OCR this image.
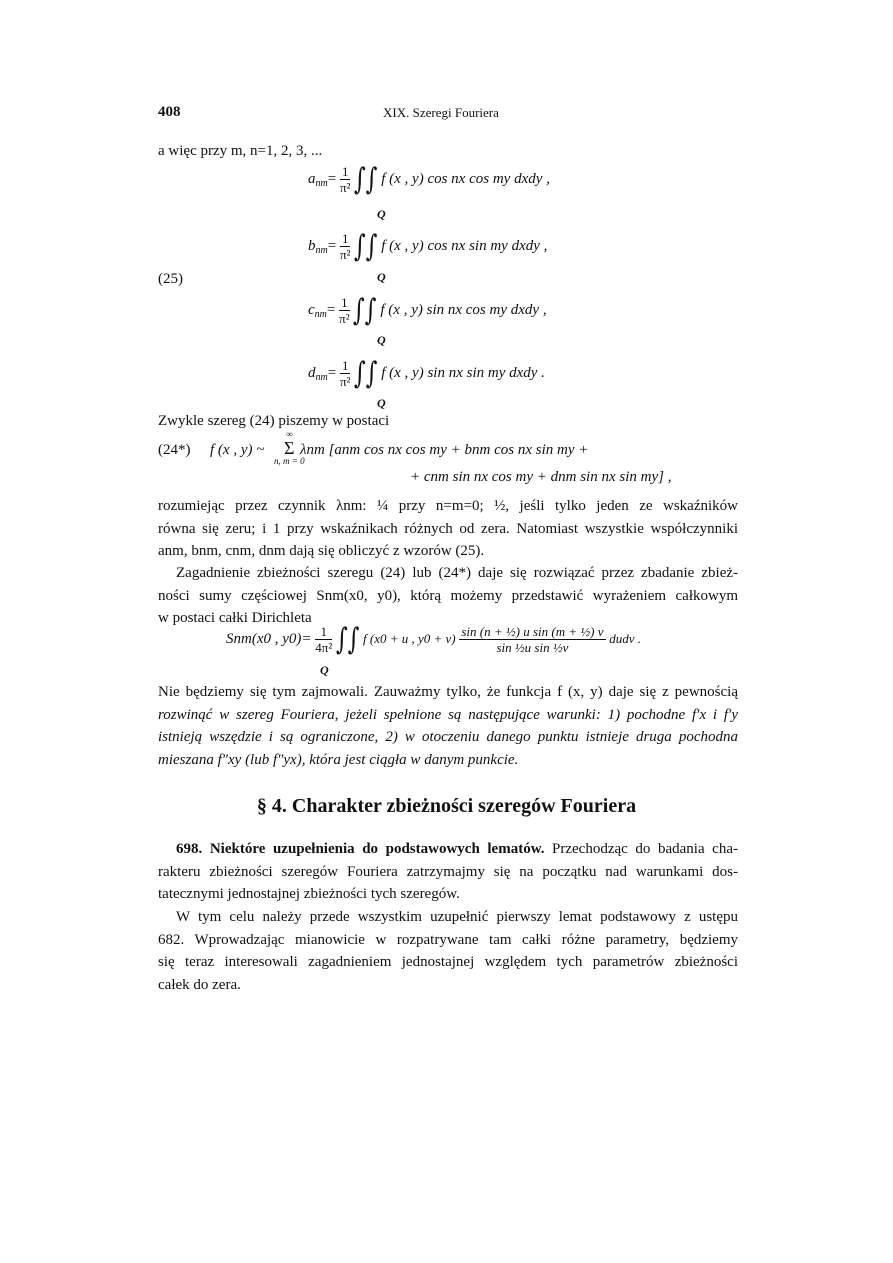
408	XIX. Szeregi Fouriera
a więc przy m, n=1, 2, 3, ...
(25)
$a_{nm}= \frac{1}{\text{π²}}$ ∫∫ f (x , y) cos nx cos my dxdy ,
Q
$b_{nm}= \frac{1}{\text{π²}}$ ∫∫ f (x , y) cos nx sin my dxdy ,
Q
$c_{nm}= \frac{1}{\text{π²}}$ ∫∫ f (x , y) sin nx cos my dxdy ,
Q
$d_{nm}= \frac{1}{\text{π²}}$ ∫∫ f (x , y) sin nx sin my dxdy .
Q
Zwykle szereg (24) piszemy w postaci
(24*) f (x , y) ~
∞
Σ
n, m = 0
λnm [anm cos nx cos my + bnm cos nx sin my +
+ cnm sin nx cos my + dnm sin nx sin my] ,
rozumiejąc przez czynnik λnm: ¼ przy n=m=0; ½, jeśli tylko jeden ze wskaźników
równa się zeru; i 1 przy wskaźnikach różnych od zera. Natomiast wszystkie współczynniki
anm, bnm, cnm, dnm dają się obliczyć z wzorów (25).
Zagadnienie zbieżności szeregu (24) lub (24*) daje się rozwiązać przez zbadanie zbież-
ności sumy częściowej Snm(x0, y0), którą możemy przedstawić wyrażeniem całkowym
w postaci całki Dirichleta
Snm(x0 , $y0)= \frac{1}{\text{4π²}}$ ∫∫ f (x0 + u , $y0 + v) \frac{\text{sin (n + ½) u sin (m + ½) v}}{\text{sin ½u sin ½v}}$ dudv .
Q
Nie będziemy się tym zajmowali. Zauważmy tylko, że funkcja f (x, y) daje się z pewnością
rozwinąć w szereg Fouriera, jeżeli spełnione są następujące warunki: 1) pochodne f′x i f′y
istnieją wszędzie i są ograniczone, 2) w otoczeniu danego punktu istnieje druga pochodna
mieszana f″xy (lub f″yx), która jest ciągła w danym punkcie.
§ 4. Charakter zbieżności szeregów Fouriera
698. Niektóre uzupełnienia do podstawowych lematów. Przechodząc do badania cha-
rakteru zbieżności szeregów Fouriera zatrzymajmy się na początku nad warunkami dos-
tatecznymi jednostajnej zbieżności tych szeregów.
W tym celu należy przede wszystkim uzupełnić pierwszy lemat podstawowy z ustępu
682. Wprowadzając mianowicie w rozpatrywane tam całki różne parametry, będziemy
się teraz interesowali zagadnieniem jednostajnej względem tych parametrów zbieżności
całek do zera.
